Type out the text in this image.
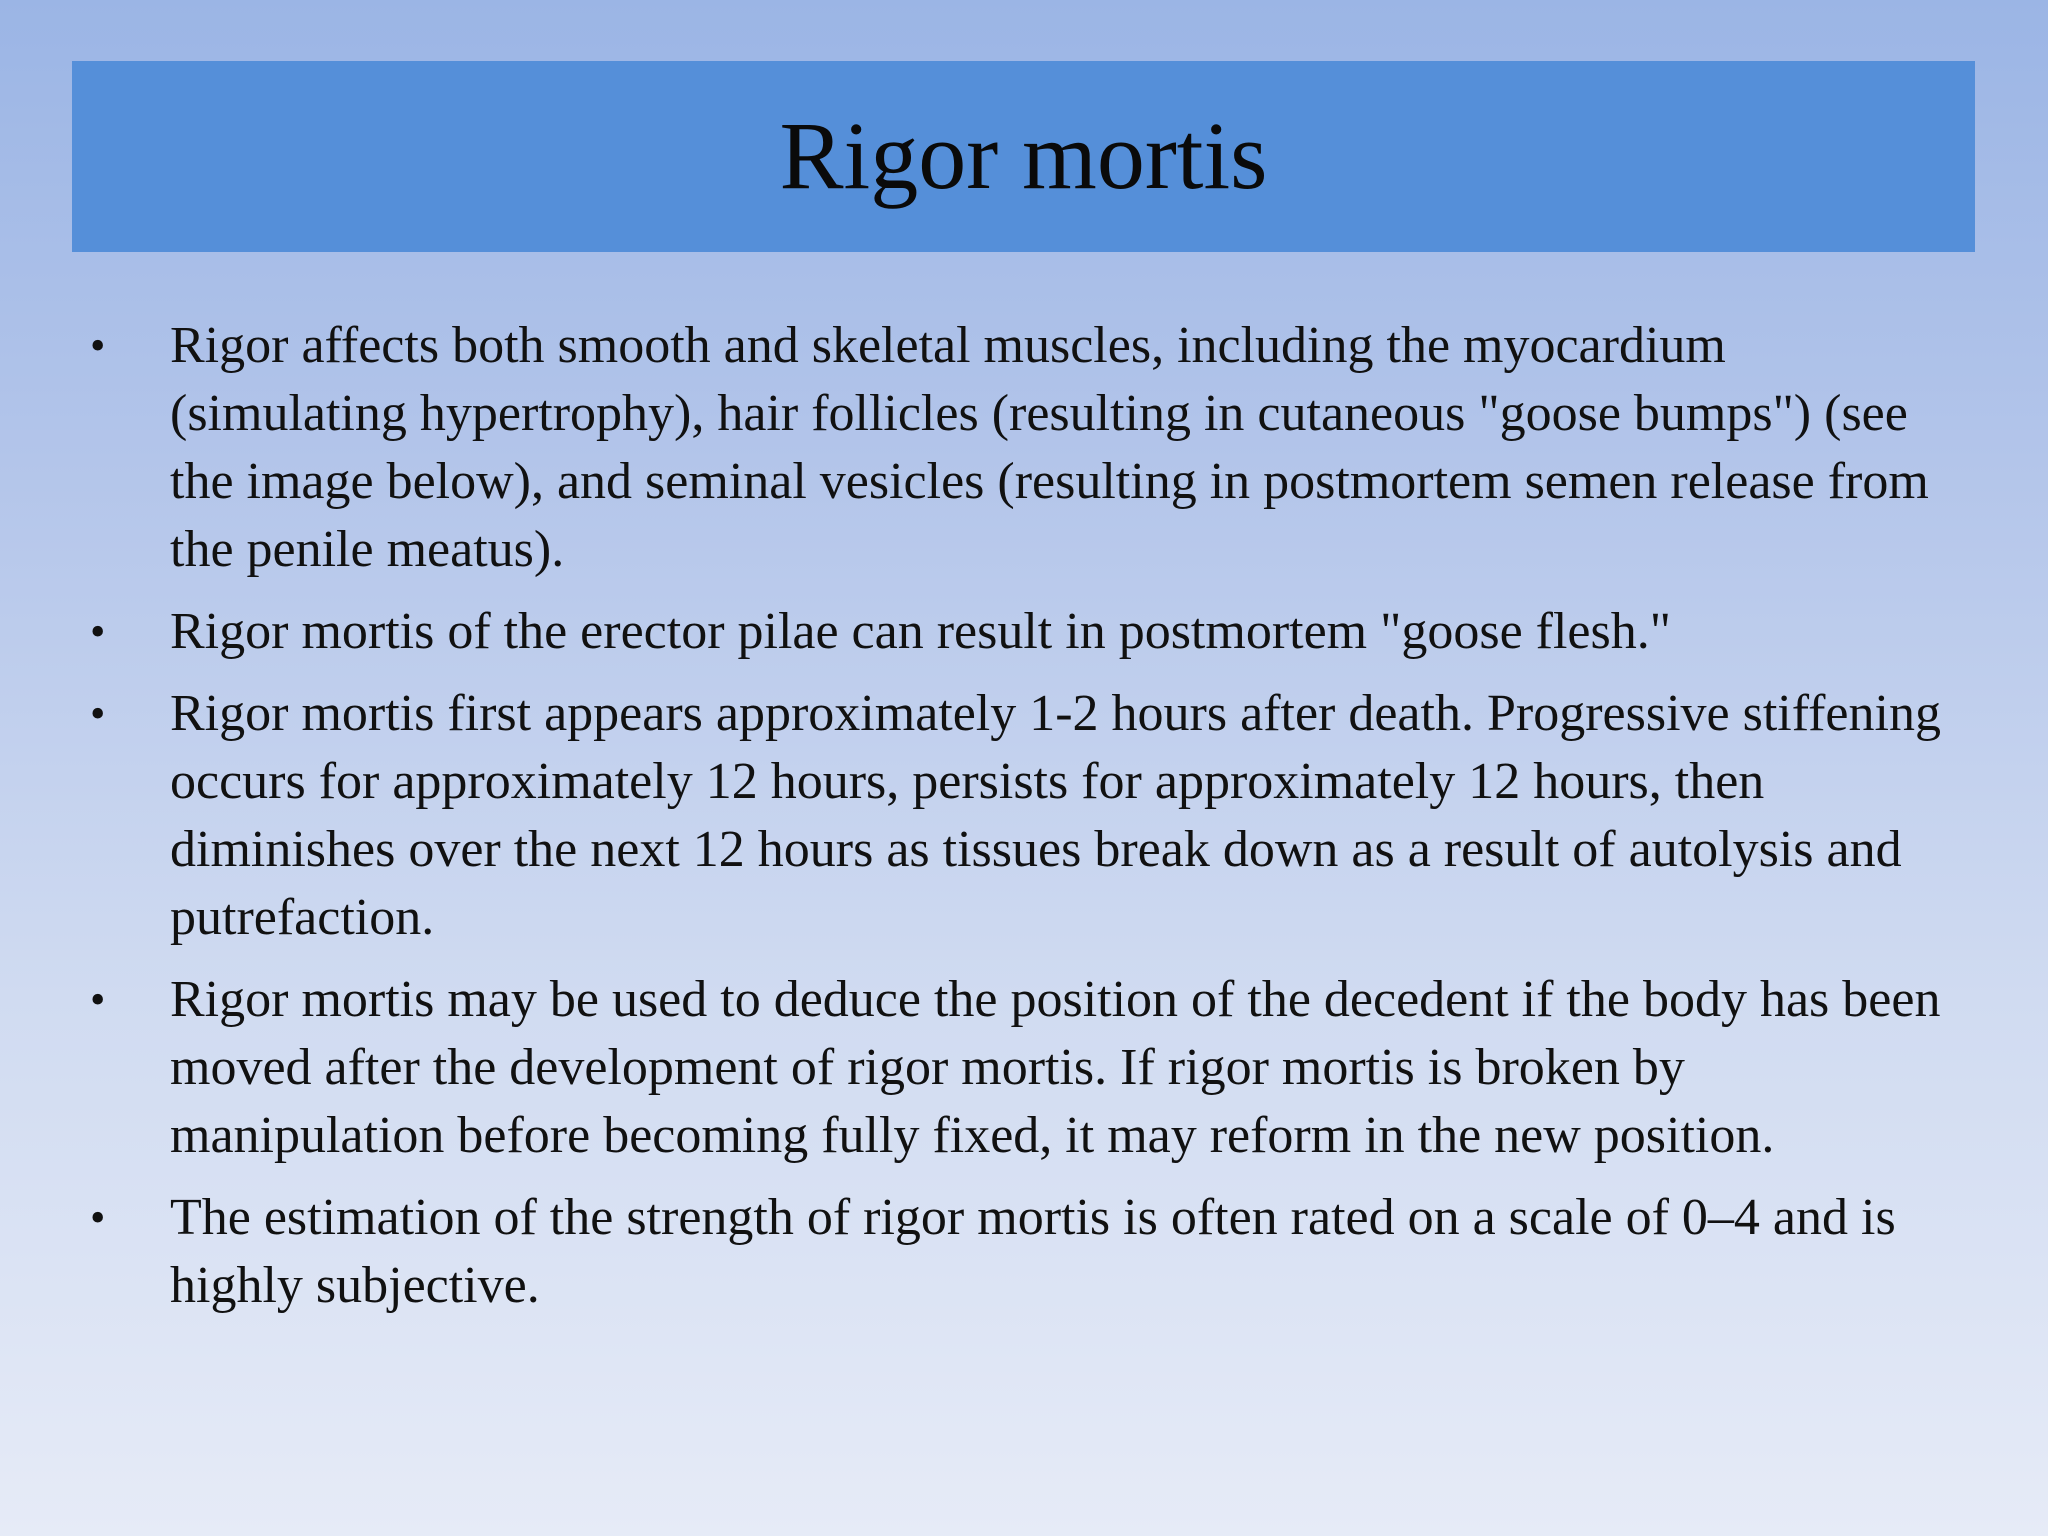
Rigor mortis
•	Rigor affects both smooth and skeletal muscles, including the myocardium (simulating hypertrophy), hair follicles (resulting in cutaneous "goose bumps") (see the image below), and seminal vesicles (resulting in postmortem semen release from the penile meatus).
•	Rigor mortis of the erector pilae can result in postmortem "goose flesh."
•	Rigor mortis first appears approximately 1-2 hours after death. Progressive stiffening occurs for approximately 12 hours, persists for approximately 12 hours, then diminishes over the next 12 hours as tissues break down as a result of autolysis and putrefaction.
•	Rigor mortis may be used to deduce the position of the decedent if the body has been moved after the development of rigor mortis. If rigor mortis is broken by manipulation before becoming fully fixed, it may reform in the new position.
•	The estimation of the strength of rigor mortis is often rated on a scale of 0–4 and is highly subjective.
